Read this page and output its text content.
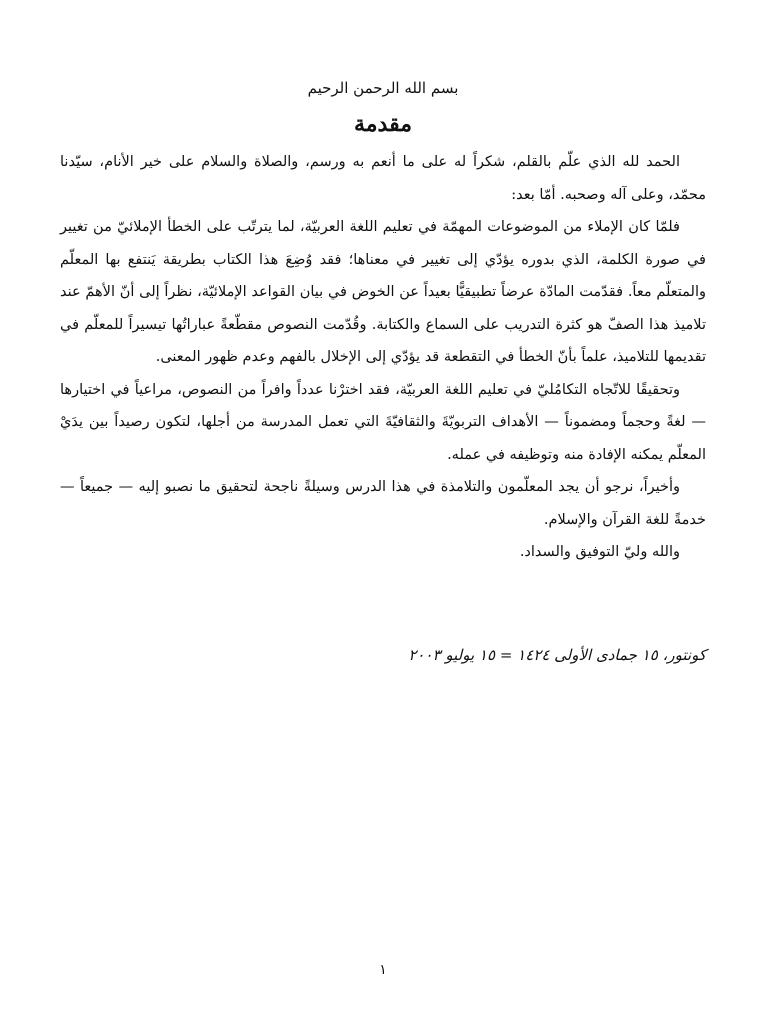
بسم الله الرحمن الرحيم
مقدمة

الحمد لله الذي علّم بالقلم، شكراً له على ما أنعم به ورسم، والصلاة والسلام على خير الأنام، سيّدنا محمّد، وعلى آله وصحبه. أمّا بعد:

فلمّا كان الإملاء من الموضوعات المهمّة في تعليم اللغة العربيّة، لما يترتّب على الخطأ الإملائيّ من تغيير في صورة الكلمة، الذي بدوره يؤدّي إلى تغيير في معناها؛ فقد وُضِعَ هذا الكتاب بطريقة يَنتفع بها المعلّم والمتعلّم معاً. فقدّمت المادّة عرضاً تطبيقيًّا بعيداً عن الخوض في بيان القواعد الإملائيّة، نظراً إلى أنّ الأهمّ عند تلاميذ هذا الصفّ هو كثرة التدريب على السماع والكتابة. وقُدّمت النصوص مقطّعةً عباراتُها تيسيراً للمعلّم في تقديمها للتلاميذ، علماً بأنّ الخطأ في التقطعة قد يؤدّي إلى الإخلال بالفهم وعدم ظهور المعنى.

وتحقيقًا للاتّجاه التكامُليّ في تعليم اللغة العربيّة، فقد اخترْنا عدداً وافراً من النصوص، مراعياً في اختيارها — لغةً وحجماً ومضموناً — الأهداف التربويّةَ والثقافيّةَ التي تعمل المدرسة من أجلها، لتكون رصيداً بين يدَيْ المعلّم يمكنه الإفادة منه وتوظيفه في عمله.

وأخيراً، نرجو أن يجد المعلّمون والتلامذة في هذا الدرس وسيلةً ناجحة لتحقيق ما نصبو إليه — جميعاً — خدمةً للغة القرآن والإسلام.

والله وليّ التوفيق والسداد.

كونتور، ١٥ جمادى الأولى ١٤٢٤ = ١٥ يوليو ٢٠٠٣
١
